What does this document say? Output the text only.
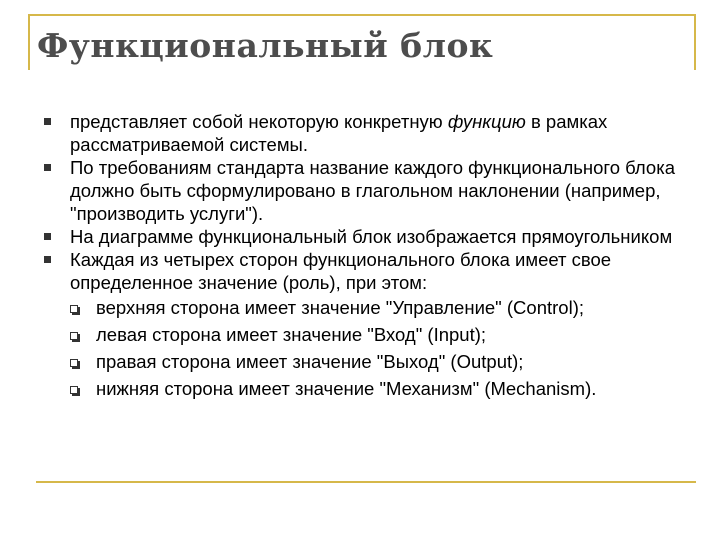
Функциональный блок
представляет собой некоторую конкретную функцию в рамках рассматриваемой системы.
По требованиям стандарта название каждого функционального блока должно быть сформулировано в глагольном наклонении (например, "производить услуги").
На диаграмме функциональный блок изображается прямоугольником
Каждая из четырех сторон функционального блока имеет свое определенное значение (роль), при этом:
верхняя сторона имеет значение "Управление" (Control);
левая сторона имеет значение "Вход" (Input);
правая сторона имеет значение "Выход" (Output);
нижняя сторона имеет значение "Механизм" (Mechanism).
